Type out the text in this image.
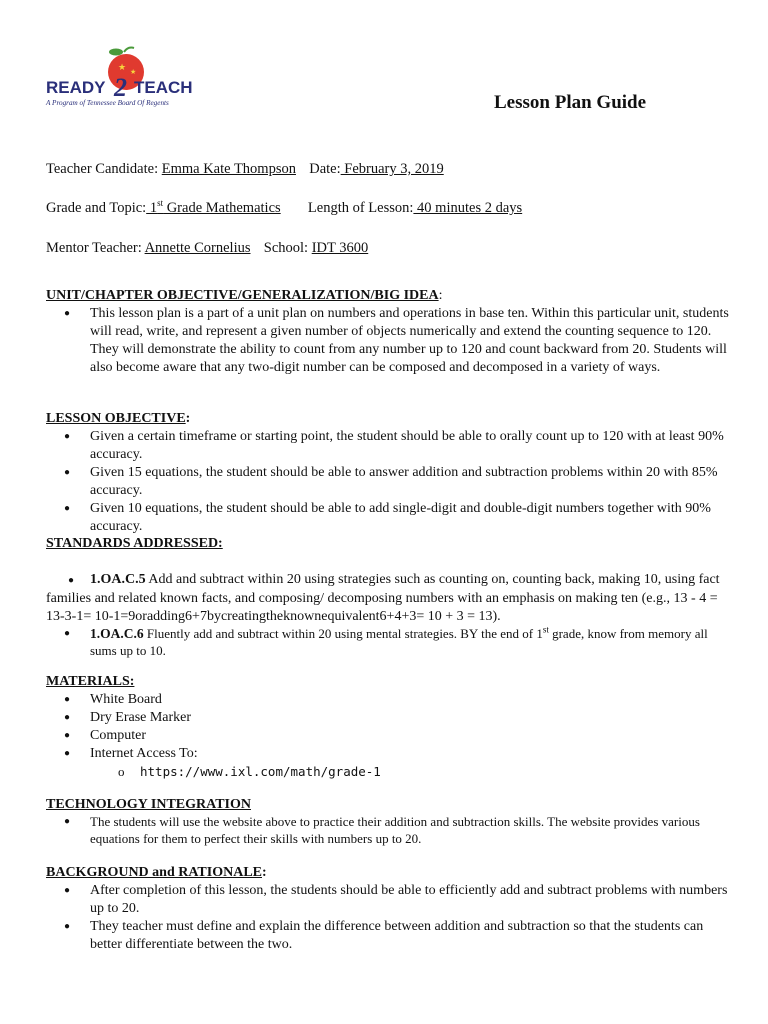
★ ★
READY 2 TEACH
A Program of Tennessee Board Of Regents	Lesson Plan Guide
Teacher Candidate: Emma Kate Thompson Date: February 3, 2019
Grade and Topic: 1st Grade Mathematics Length of Lesson: 40 minutes 2 days
Mentor Teacher: Annette Cornelius School: IDT 3600
UNIT/CHAPTER OBJECTIVE/GENERALIZATION/BIG IDEA:
● This lesson plan is a part of a unit plan on numbers and operations in base ten. Within this particular unit, students will read, write, and represent a given number of objects numerically and extend the counting sequence to 120. They will demonstrate the ability to count from any number up to 120 and count backward from 20. Students will also become aware that any two-digit number can be composed and decomposed in a variety of ways.
LESSON OBJECTIVE:
● Given a certain timeframe or starting point, the student should be able to orally count up to 120 with at least 90% accuracy.
● Given 15 equations, the student should be able to answer addition and subtraction problems within 20 with 85% accuracy.
● Given 10 equations, the student should be able to add single-digit and double-digit numbers together with 90% accuracy.
STANDARDS ADDRESSED:
● 1.OA.C.5 Add and subtract within 20 using strategies such as counting on, counting back, making 10, using fact families and related known facts, and composing/ decomposing numbers with an emphasis on making ten (e.g., 13 - 4 = 13-3-1= 10-1=9oradding6+7bycreatingtheknownequivalent6+4+3= 10 + 3 = 13).
● 1.OA.C.6 Fluently add and subtract within 20 using mental strategies. BY the end of 1st grade, know from memory all sums up to 10.
MATERIALS:
● White Board
● Dry Erase Marker
● Computer
● Internet Access To:
o https://www.ixl.com/math/grade-1
TECHNOLOGY INTEGRATION
● The students will use the website above to practice their addition and subtraction skills. The website provides various equations for them to perfect their skills with numbers up to 20.
BACKGROUND and RATIONALE:
● After completion of this lesson, the students should be able to efficiently add and subtract problems with numbers up to 20.
● They teacher must define and explain the difference between addition and subtraction so that the students can better differentiate between the two.
